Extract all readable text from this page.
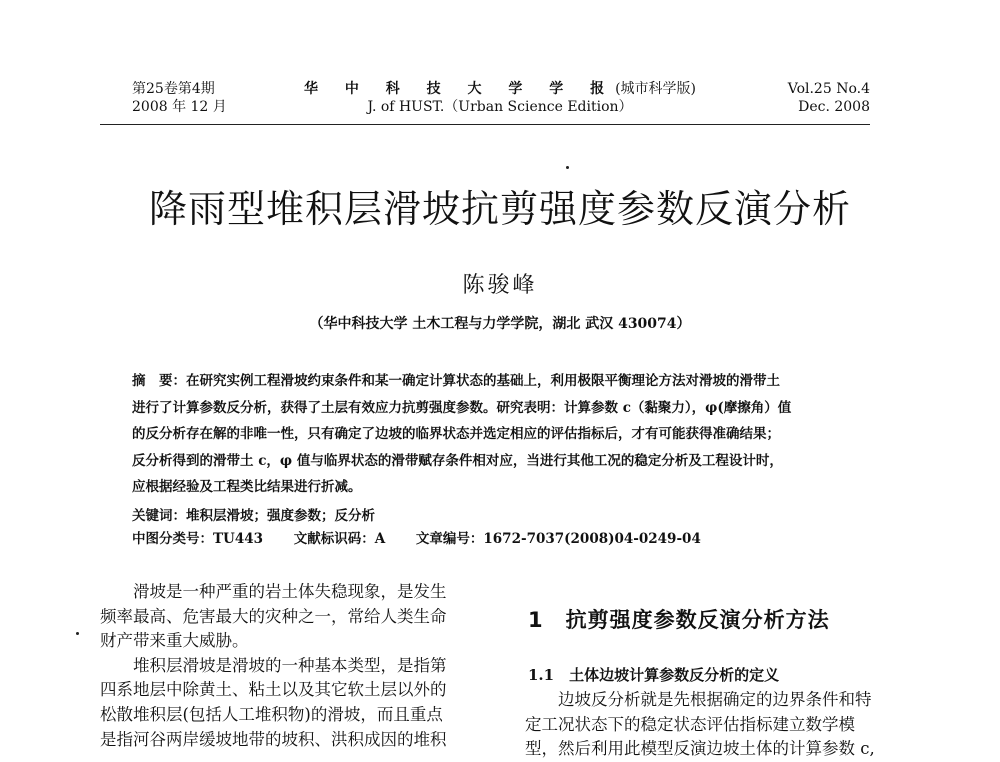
第25卷第4期
2008 年 12 月
华 中 科 技 大 学 学 报(城市科学版)
J. of HUST.（Urban Science Edition）
Vol.25 No.4
Dec. 2008
降雨型堆积层滑坡抗剪强度参数反演分析
陈骏峰
（华中科技大学 土木工程与力学学院，湖北 武汉 430074）
摘　要：在研究实例工程滑坡约束条件和某一确定计算状态的基础上，利用极限平衡理论方法对滑坡的滑带土
进行了计算参数反分析，获得了土层有效应力抗剪强度参数。研究表明：计算参数 c（黏聚力），φ(摩擦角）值
的反分析存在解的非唯一性，只有确定了边坡的临界状态并选定相应的评估指标后，才有可能获得准确结果；
反分析得到的滑带土 c，φ 值与临界状态的滑带赋存条件相对应，当进行其他工况的稳定分析及工程设计时，
应根据经验及工程类比结果进行折减。
关键词：堆积层滑坡；强度参数；反分析
中图分类号：TU443 文献标识码：A 文章编号：1672-7037(2008)04-0249-04
滑坡是一种严重的岩土体失稳现象，是发生
频率最高、危害最大的灾种之一，常给人类生命
财产带来重大威胁。
堆积层滑坡是滑坡的一种基本类型，是指第
四系地层中除黄土、粘土以及其它软土层以外的
松散堆积层(包括人工堆积物)的滑坡，而且重点
是指河谷两岸缓坡地带的坡积、洪积成因的堆积
1　抗剪强度参数反演分析方法
1.1　土体边坡计算参数反分析的定义
边坡反分析就是先根据确定的边界条件和特
定工况状态下的稳定状态评估指标建立数学模
型，然后利用此模型反演边坡土体的计算参数 c,
